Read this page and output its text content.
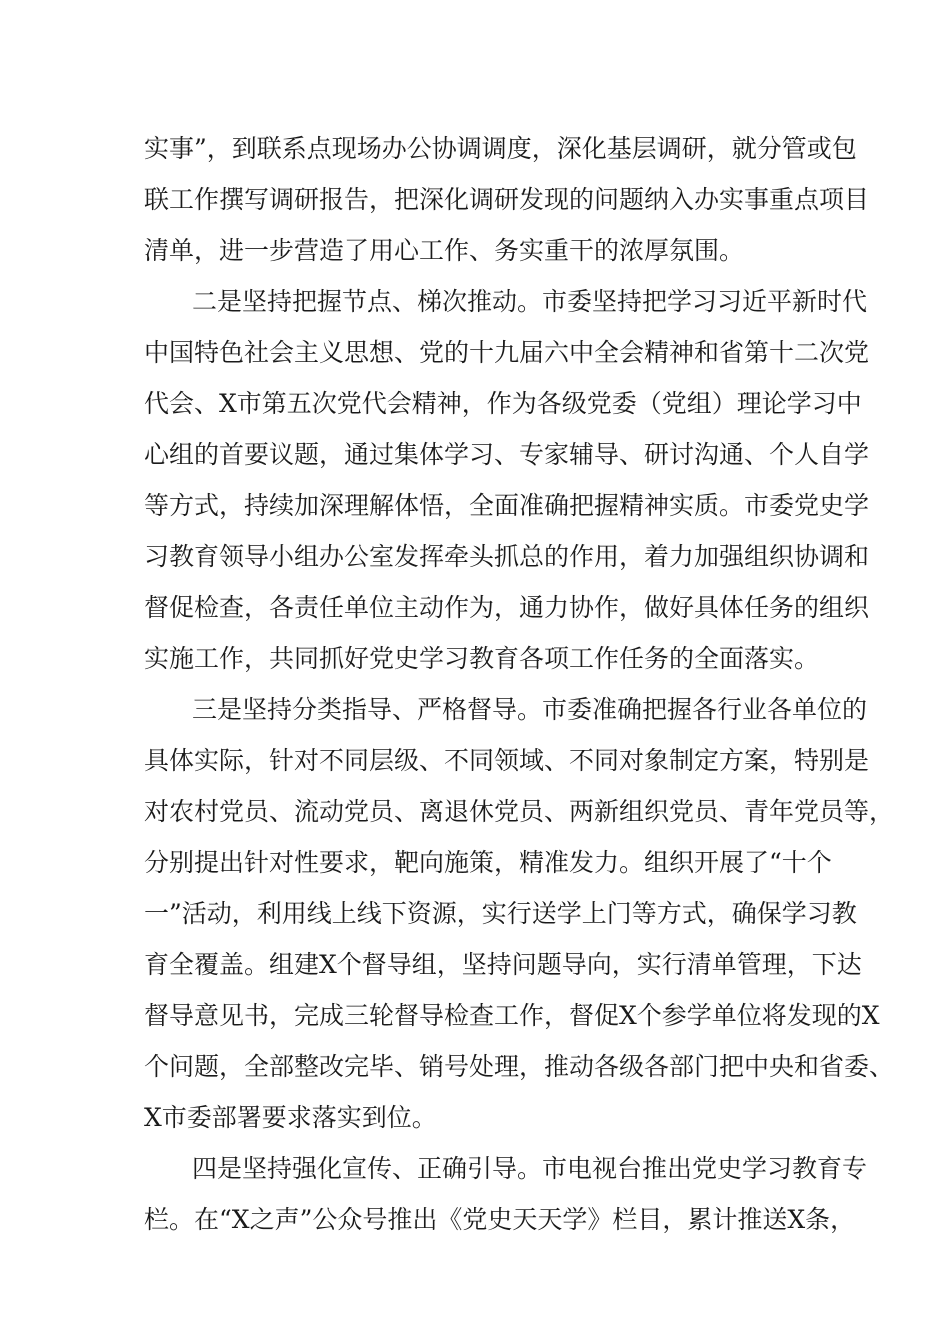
实事”，到联系点现场办公协调调度，深化基层调研，就分管或包
联工作撰写调研报告，把深化调研发现的问题纳入办实事重点项目
清单，进一步营造了用心工作、务实重干的浓厚氛围。
二是坚持把握节点、梯次推动。市委坚持把学习习近平新时代
中国特色社会主义思想、党的十九届六中全会精神和省第十二次党
代会、X市第五次党代会精神，作为各级党委（党组）理论学习中
心组的首要议题，通过集体学习、专家辅导、研讨沟通、个人自学
等方式，持续加深理解体悟，全面准确把握精神实质。市委党史学
习教育领导小组办公室发挥牵头抓总的作用，着力加强组织协调和
督促检查，各责任单位主动作为，通力协作，做好具体任务的组织
实施工作，共同抓好党史学习教育各项工作任务的全面落实。
三是坚持分类指导、严格督导。市委准确把握各行业各单位的
具体实际，针对不同层级、不同领域、不同对象制定方案，特别是
对农村党员、流动党员、离退休党员、两新组织党员、青年党员等，
分别提出针对性要求，靶向施策，精准发力。组织开展了“十个
一”活动，利用线上线下资源，实行送学上门等方式，确保学习教
育全覆盖。组建X个督导组，坚持问题导向，实行清单管理，下达
督导意见书，完成三轮督导检查工作，督促X个参学单位将发现的X
个问题，全部整改完毕、销号处理，推动各级各部门把中央和省委、
X市委部署要求落实到位。
四是坚持强化宣传、正确引导。市电视台推出党史学习教育专
栏。在“X之声”公众号推出《党史天天学》栏目，累计推送X条，
